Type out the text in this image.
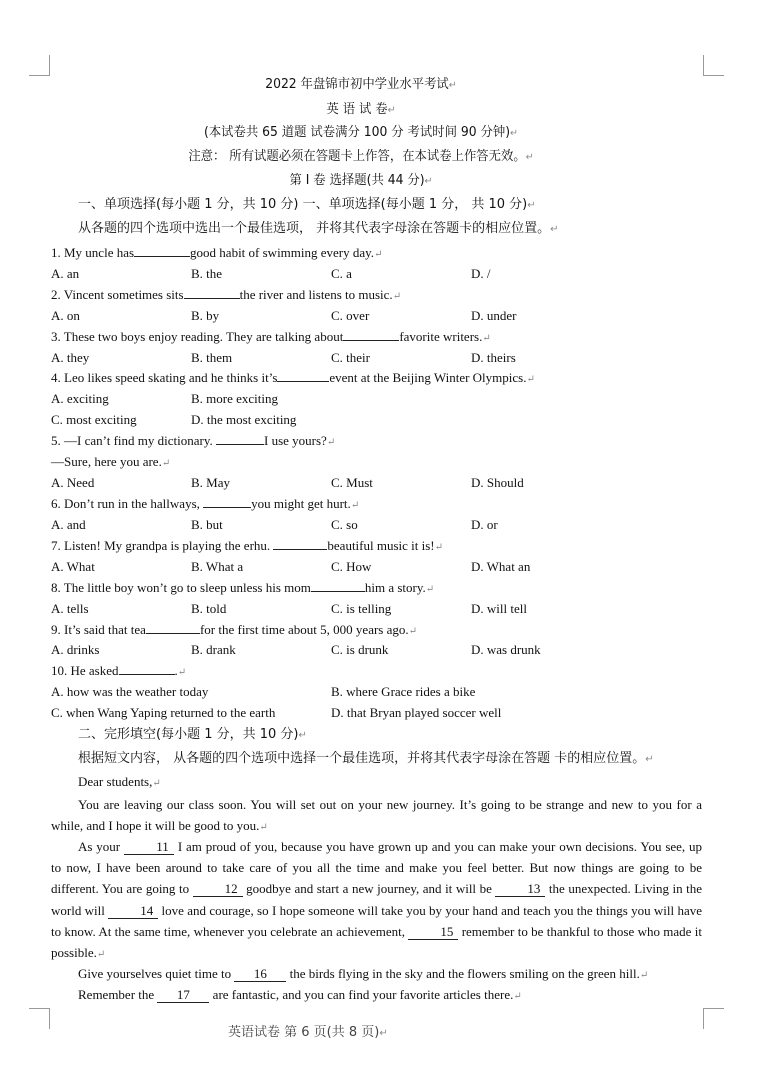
2022 年盘锦市初中学业水平考试↵
英 语 试 卷↵
(本试卷共 65 道题 试卷满分 100 分 考试时间 90 分钟)↵
注意： 所有试题必须在答题卡上作答，在本试卷上作答无效。↵
第 I 卷 选择题(共 44 分)↵
一、单项选择(每小题 1 分，共 10 分) 一、单项选择(每小题 1 分， 共 10 分)↵
从各题的四个选项中选出一个最佳选项， 并将其代表字母涂在答题卡的相应位置。↵
1. My uncle has	good habit of swimming every day.↵
A. an	B. the	C. a	D. /
2. Vincent sometimes sits	the river and listens to music.↵
A. on	B. by	C. over	D. under
3. These two boys enjoy reading. They are talking about	favorite writers.↵
A. they	B. them	C. their	D. theirs
4. Leo likes speed skating and he thinks it’s	event at the Beijing Winter Olympics.↵
A. exciting	B. more exciting
C. most exciting	D. the most exciting
5. —I can’t find my dictionary.	I use yours?↵
—Sure, here you are.↵
A. Need	B. May	C. Must	D. Should
6. Don’t run in the hallways,	you might get hurt.↵
A. and	B. but	C. so	D. or
7. Listen! My grandpa is playing the erhu.	beautiful music it is!↵
A. What	B. What a	C. How	D. What an
8. The little boy won’t go to sleep unless his mom	him a story.↵
A. tells	B. told	C. is telling	D. will tell
9. It’s said that tea	for the first time about 5, 000 years ago.↵
A. drinks	B. drank	C. is drunk	D. was drunk
10. He asked	.↵
A. how was the weather today	B. where Grace rides a bike
C. when Wang Yaping returned to the earth	D. that Bryan played soccer well
二、完形填空(每小题 1 分，共 10 分)↵
根据短文内容， 从各题的四个选项中选择一个最佳选项，并将其代表字母涂在答题 卡的相应位置。↵
Dear students,↵
You are leaving our class soon. You will set out on your new journey. It’s going to be strange and new to you for a while, and I hope it will be good to you.↵
As your	11 I am proud of you, because you have grown up and you can make your own decisions. You see, up to now, I have been around to take care of you all the time and make you feel better. But now things are going to be different. You are going to	12 goodbye and start a new journey, and it will be	13 the unexpected. Living in the world will	14 love and courage, so I hope someone will take you by your hand and teach you the things you will have to know. At the same time, whenever you celebrate an achievement,	15 remember to be thankful to those who made it possible.↵
Give yourselves quiet time to 16 the birds flying in the sky and the flowers smiling on the green hill.↵
Remember the 17 are fantastic, and you can find your favorite articles there.↵
英语试卷 第 6 页(共 8 页)↵
